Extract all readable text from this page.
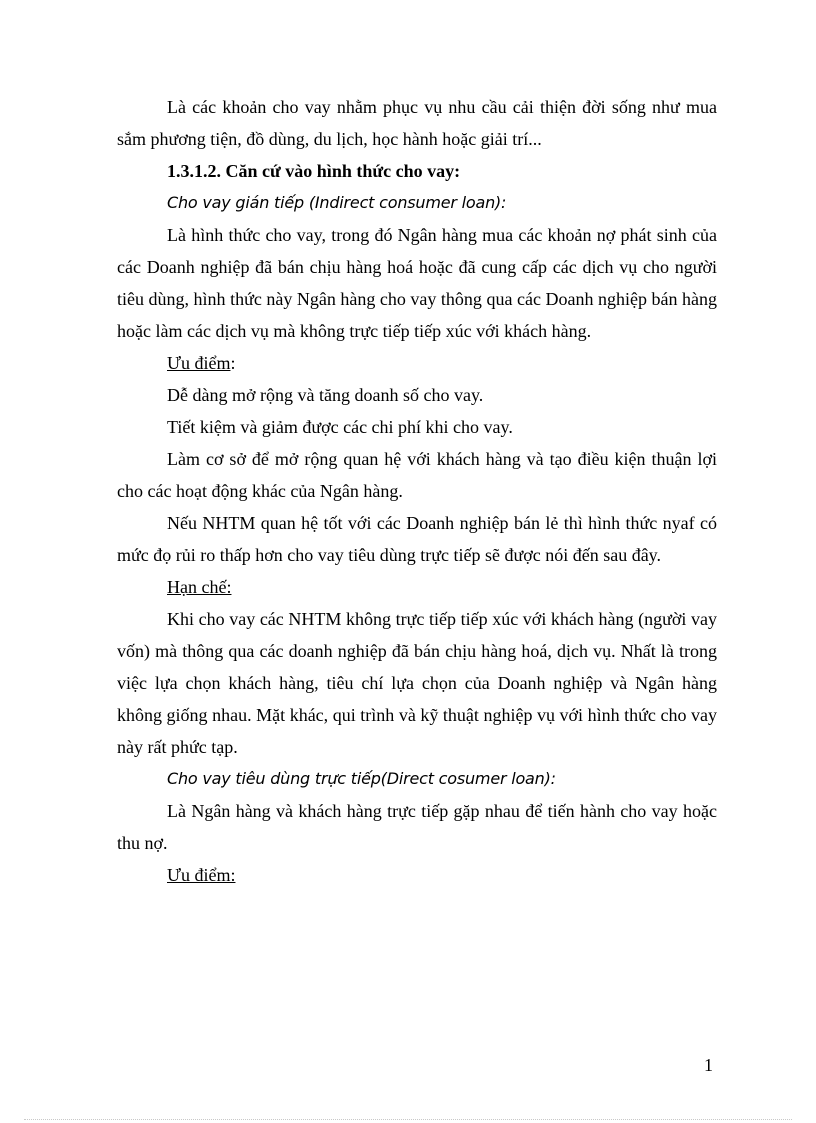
Là các khoản cho vay nhằm phục vụ nhu cầu cải thiện đời sống như mua sắm phương tiện, đồ dùng, du lịch, học hành hoặc giải trí...

1.3.1.2. Căn cứ vào hình thức cho vay:

Cho vay gián tiếp (Indirect consumer loan):

Là hình thức cho vay, trong đó Ngân hàng mua các khoản nợ phát sinh của các Doanh nghiệp đã bán chịu hàng hoá hoặc đã cung cấp các dịch vụ cho người tiêu dùng, hình thức này Ngân hàng cho vay thông qua các Doanh nghiệp bán hàng hoặc làm các dịch vụ mà không trực tiếp tiếp xúc với khách hàng.

Ưu điểm:

Dễ dàng mở rộng và tăng doanh số cho vay.

Tiết kiệm và giảm được các chi phí khi cho vay.

Làm cơ sở để mở rộng quan hệ với khách hàng và tạo điều kiện thuận lợi cho các hoạt động khác của Ngân hàng.

Nếu NHTM quan hệ tốt với các Doanh nghiệp bán lẻ thì hình thức nyaf có mức đọ rủi ro thấp hơn cho vay tiêu dùng trực tiếp sẽ được nói đến sau đây.

Hạn chế:

Khi cho vay các NHTM không trực tiếp tiếp xúc với khách hàng (người vay vốn) mà thông qua các doanh nghiệp đã bán chịu hàng hoá, dịch vụ. Nhất là trong việc lựa chọn khách hàng, tiêu chí lựa chọn của Doanh nghiệp và Ngân hàng không giống nhau. Mặt khác, qui trình và kỹ thuật nghiệp vụ với hình thức cho vay này rất phức tạp.

Cho vay tiêu dùng trực tiếp(Direct cosumer loan):

Là Ngân hàng và khách hàng trực tiếp gặp nhau để tiến hành cho vay hoặc thu nợ.

Ưu điểm:

1
